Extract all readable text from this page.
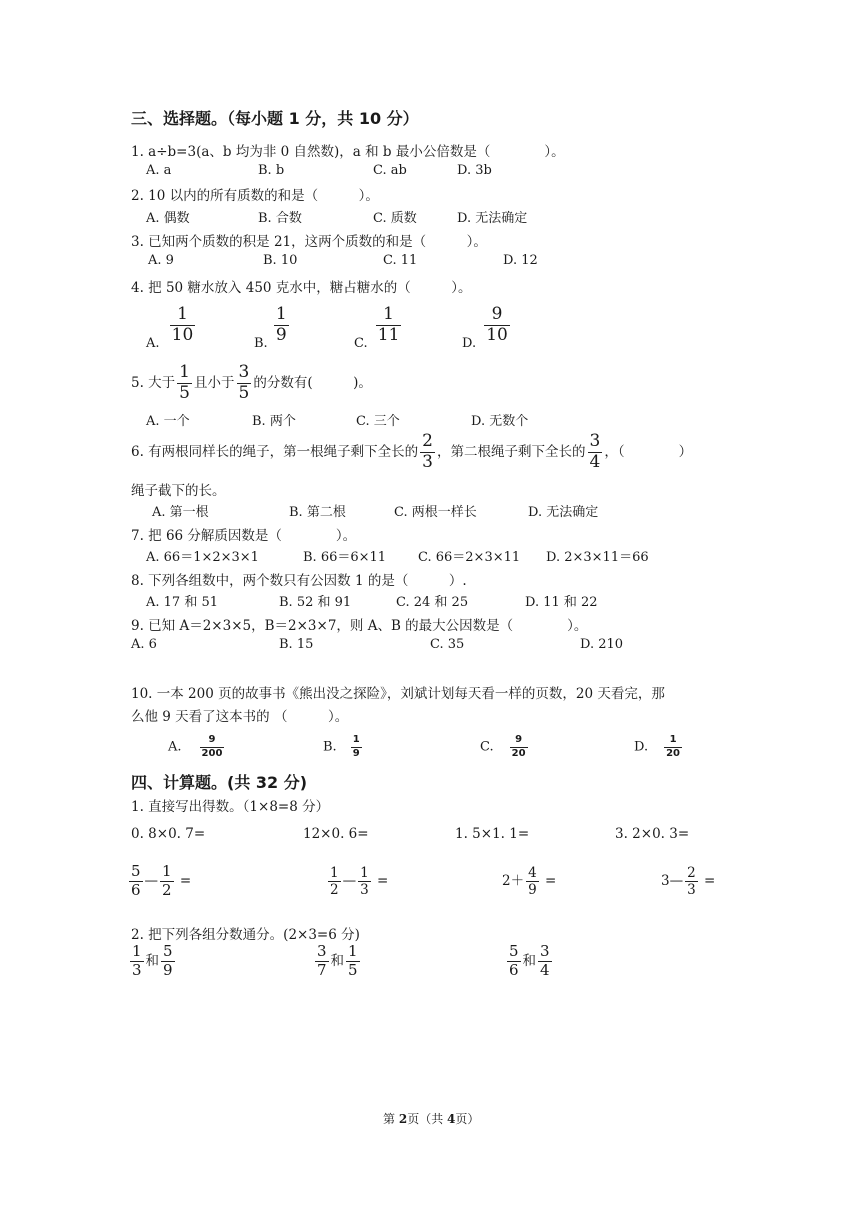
三、选择题。（每小题 1 分，共 10 分）
1. a÷b=3(a、b 均为非 0 自然数)，a 和 b 最小公倍数是（　　　　）。
A. a	B. b	C. ab	D. 3b
2. 10 以内的所有质数的和是（　　　）。
A. 偶数	B. 合数	C. 质数	D. 无法确定
3. 已知两个质数的积是 21，这两个质数的和是（　　　）。
A. 9	B. 10	C. 11	D. 12
4. 把 50 糖水放入 450 克水中，糖占糖水的（　　　）。
A. $\frac{1}{10}$	B. $\frac{1}{9}$	C. $\frac{1}{11}$	D. $\frac{9}{10}$
5. 大于 $\frac{1}{5}$ 且小于 $\frac{3}{5}$ 的分数有(　　　)。
A. 一个	B. 两个	C. 三个	D. 无数个
6. 有两根同样长的绳子，第一根绳子剩下全长的 $\frac{2}{3}$ ，第二根绳子剩下全长的 $\frac{3}{4}$ ，（　　　　）
绳子截下的长。
A. 第一根	B. 第二根	C. 两根一样长	D. 无法确定
7. 把 66 分解质因数是（　　　　）。
A. 66＝1×2×3×1	B. 66＝6×11 C. 66＝2×3×11 D. 2×3×11＝66
8. 下列各组数中，两个数只有公因数 1 的是（　　　）.
A. 17 和 51	B. 52 和 91	C. 24 和 25	D. 11 和 22
9. 已知 A＝2×3×5，B＝2×3×7，则 A、B 的最大公因数是（　　　　）。
A. 6	B. 15	C. 35	D. 210
10. 一本 200 页的故事书《熊出没之探险》，刘斌计划每天看一样的页数，20 天看完，那
么他 9 天看了这本书的 （　　　）。
A. $\frac{9}{200}$	B. $\frac{1}{9}$	C. $\frac{9}{20}$	D. $\frac{1}{20}$
四、计算题。(共 32 分)
1. 直接写出得数。（1×8=8 分）
0. 8×0. 7=	12×0. 6=	1. 5×1. 1=	3. 2×0. 3=
$\frac{5}{6}$ — $\frac{1}{2}$ =	$\frac{1}{2}$ — $\frac{1}{3}$ =	$2+ \frac{4}{9}$ =	3— $\frac{2}{3}$ =
2. 把下列各组分数通分。(2×3=6 分)
$\frac{1}{3}$ 和 $\frac{5}{9}$	$\frac{3}{7}$ 和 $\frac{1}{5}$	$\frac{5}{6}$ 和 $\frac{3}{4}$
第 2页（共 4页）
